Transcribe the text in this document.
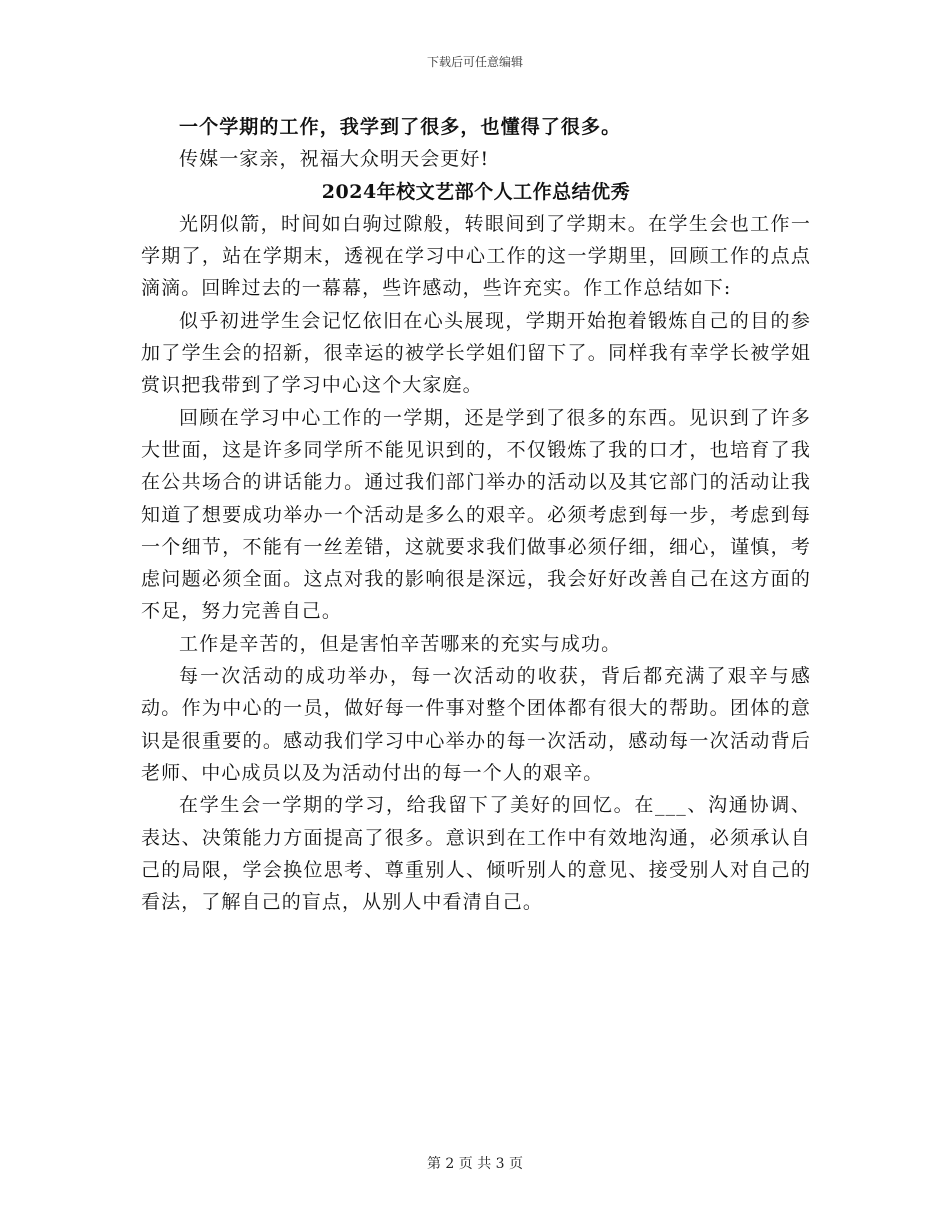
下载后可任意编辑

一个学期的工作，我学到了很多，也懂得了很多。

传媒一家亲，祝福大众明天会更好!

2024年校文艺部个人工作总结优秀

光阴似箭，时间如白驹过隙般，转眼间到了学期末。在学生会也工作一学期了，站在学期末，透视在学习中心工作的这一学期里，回顾工作的点点滴滴。回眸过去的一幕幕，些许感动，些许充实。作工作总结如下:

似乎初进学生会记忆依旧在心头展现，学期开始抱着锻炼自己的目的参加了学生会的招新，很幸运的被学长学姐们留下了。同样我有幸学长被学姐赏识把我带到了学习中心这个大家庭。

回顾在学习中心工作的一学期，还是学到了很多的东西。见识到了许多大世面，这是许多同学所不能见识到的，不仅锻炼了我的口才，也培育了我在公共场合的讲话能力。通过我们部门举办的活动以及其它部门的活动让我知道了想要成功举办一个活动是多么的艰辛。必须考虑到每一步，考虑到每一个细节，不能有一丝差错，这就要求我们做事必须仔细，细心，谨慎，考虑问题必须全面。这点对我的影响很是深远，我会好好改善自己在这方面的不足，努力完善自己。

工作是辛苦的，但是害怕辛苦哪来的充实与成功。

每一次活动的成功举办，每一次活动的收获，背后都充满了艰辛与感动。作为中心的一员，做好每一件事对整个团体都有很大的帮助。团体的意识是很重要的。感动我们学习中心举办的每一次活动，感动每一次活动背后老师、中心成员以及为活动付出的每一个人的艰辛。

在学生会一学期的学习，给我留下了美好的回忆。在___、沟通协调、表达、决策能力方面提高了很多。意识到在工作中有效地沟通，必须承认自己的局限，学会换位思考、尊重别人、倾听别人的意见、接受别人对自己的看法，了解自己的盲点，从别人中看清自己。

第 2 页 共 3 页
